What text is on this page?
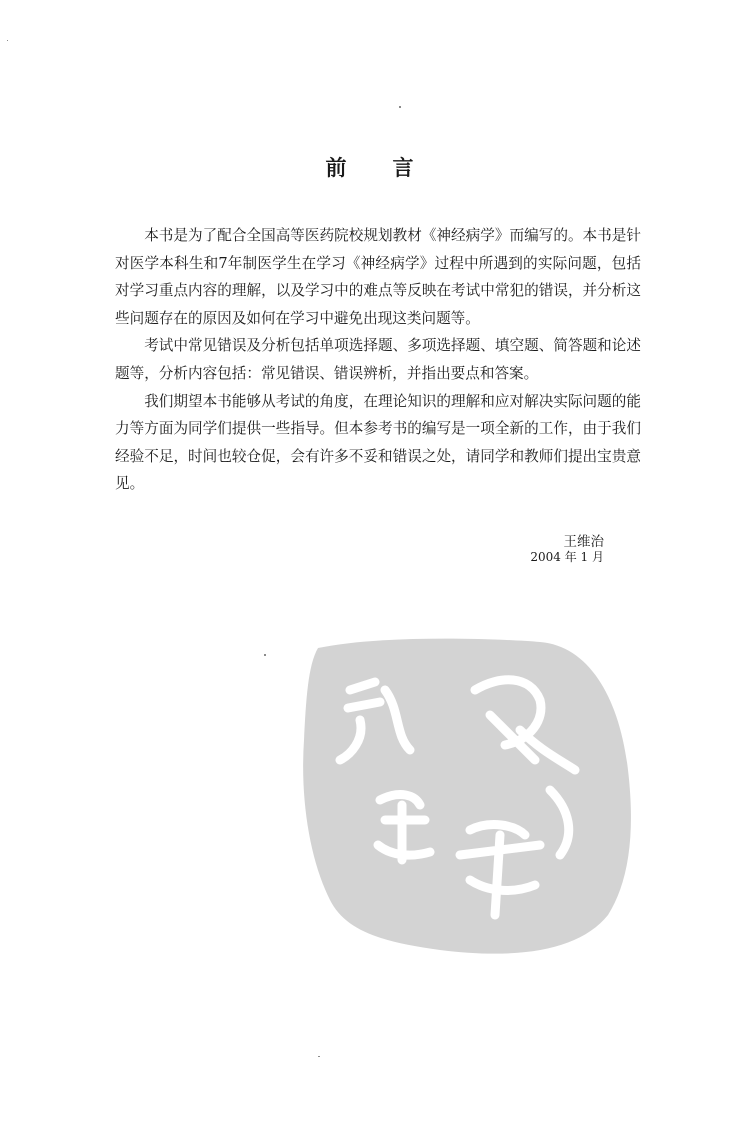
前 言

本书是为了配合全国高等医药院校规划教材《神经病学》而编写的。本书是针对医学本科生和7年制医学生在学习《神经病学》过程中所遇到的实际问题，包括对学习重点内容的理解，以及学习中的难点等反映在考试中常犯的错误，并分析这些问题存在的原因及如何在学习中避免出现这类问题等。

考试中常见错误及分析包括单项选择题、多项选择题、填空题、简答题和论述题等，分析内容包括：常见错误、错误辨析，并指出要点和答案。

我们期望本书能够从考试的角度，在理论知识的理解和应对解决实际问题的能力等方面为同学们提供一些指导。但本参考书的编写是一项全新的工作，由于我们经验不足，时间也较仓促，会有许多不妥和错误之处，请同学和教师们提出宝贵意见。

王维治
2004 年 1 月
